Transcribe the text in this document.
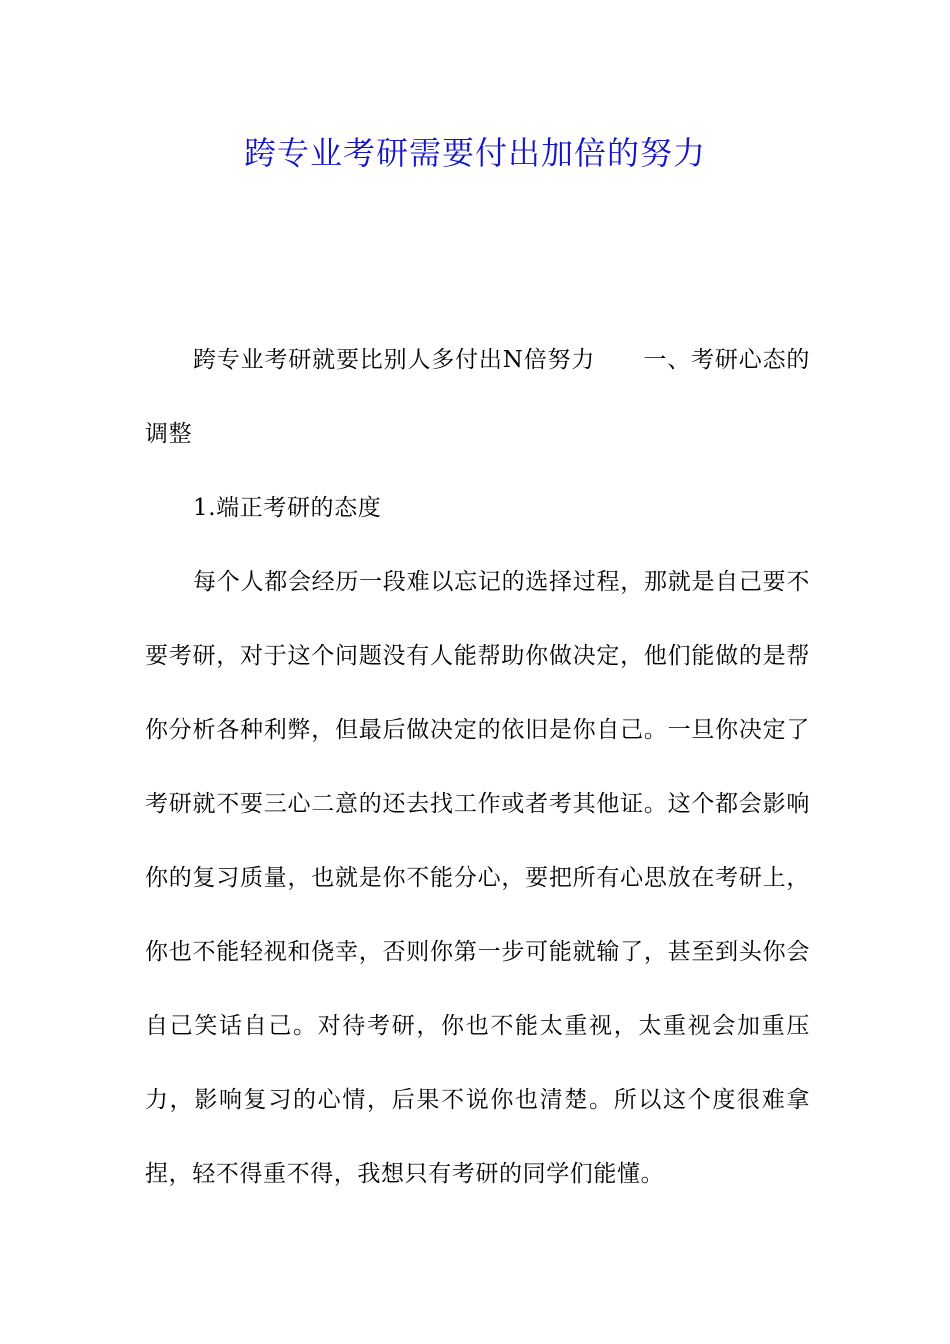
跨专业考研需要付出加倍的努力

跨专业考研就要比别人多付出N倍努力 一、考研心态的调整

1.端正考研的态度

每个人都会经历一段难以忘记的选择过程，那就是自己要不要考研，对于这个问题没有人能帮助你做决定，他们能做的是帮你分析各种利弊，但最后做决定的依旧是你自己。一旦你决定了考研就不要三心二意的还去找工作或者考其他证。这个都会影响你的复习质量，也就是你不能分心，要把所有心思放在考研上，你也不能轻视和侥幸，否则你第一步可能就输了，甚至到头你会自己笑话自己。对待考研，你也不能太重视，太重视会加重压力，影响复习的心情，后果不说你也清楚。所以这个度很难拿捏，轻不得重不得，我想只有考研的同学们能懂。
